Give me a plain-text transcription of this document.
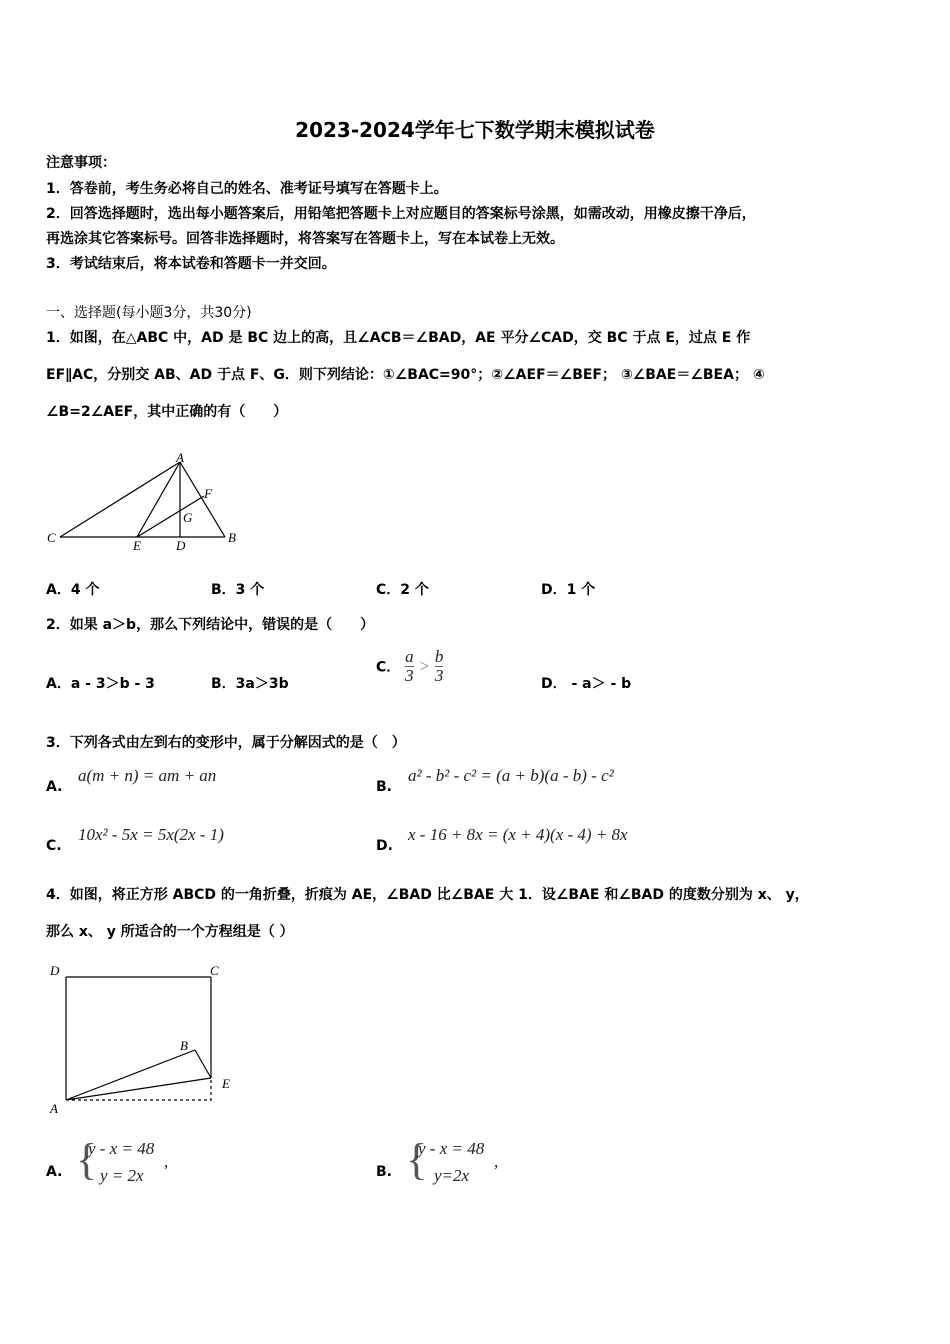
2023-2024学年七下数学期末模拟试卷
注意事项：
1．答卷前，考生务必将自己的姓名、准考证号填写在答题卡上。
2．回答选择题时，选出每小题答案后，用铅笔把答题卡上对应题目的答案标号涂黑，如需改动，用橡皮擦干净后，
再选涂其它答案标号。回答非选择题时，将答案写在答题卡上，写在本试卷上无效。
3．考试结束后，将本试卷和答题卡一并交回。
一、选择题(每小题3分，共30分)
1．如图，在△ABC 中，AD 是 BC 边上的高，且∠ACB＝∠BAD，AE 平分∠CAD，交 BC 于点 E，过点 E 作
EF∥AC，分别交 AB、AD 于点 F、G．则下列结论：①∠BAC=90°；②∠AEF＝∠BEF； ③∠BAE＝∠BEA； ④
∠B=2∠AEF，其中正确的有（　　）
A
B
C
D
E
F
G
A．4 个	B．3 个	C．2 个	D．1 个
2．如果 a＞b，那么下列结论中，错误的是（　　）
A．a - 3＞b - 3	B．3a＞3b
C． $\frac{a}{3} > \frac{b}{3}$	D． - a＞ - b
3．下列各式由左到右的变形中，属于分解因式的是（　）
A.
a(m + n) = am + an
B.
a² - b² - c² = (a + b)(a - b) - c²
C.
10x² - 5x = 5x(2x - 1)
D.
x - 16 + 8x = (x + 4)(x - 4) + 8x
4．如图，将正方形 ABCD 的一角折叠，折痕为 AE，∠BAD 比∠BAE 大 1．设∠BAE 和∠BAD 的度数分别为 x、 y，
那么 x、 y 所适合的一个方程组是（ ）
D	C
B
E
A
A. {
y - x = 48
y = 2x
,
B. {
y - x = 48
y=2x
,
